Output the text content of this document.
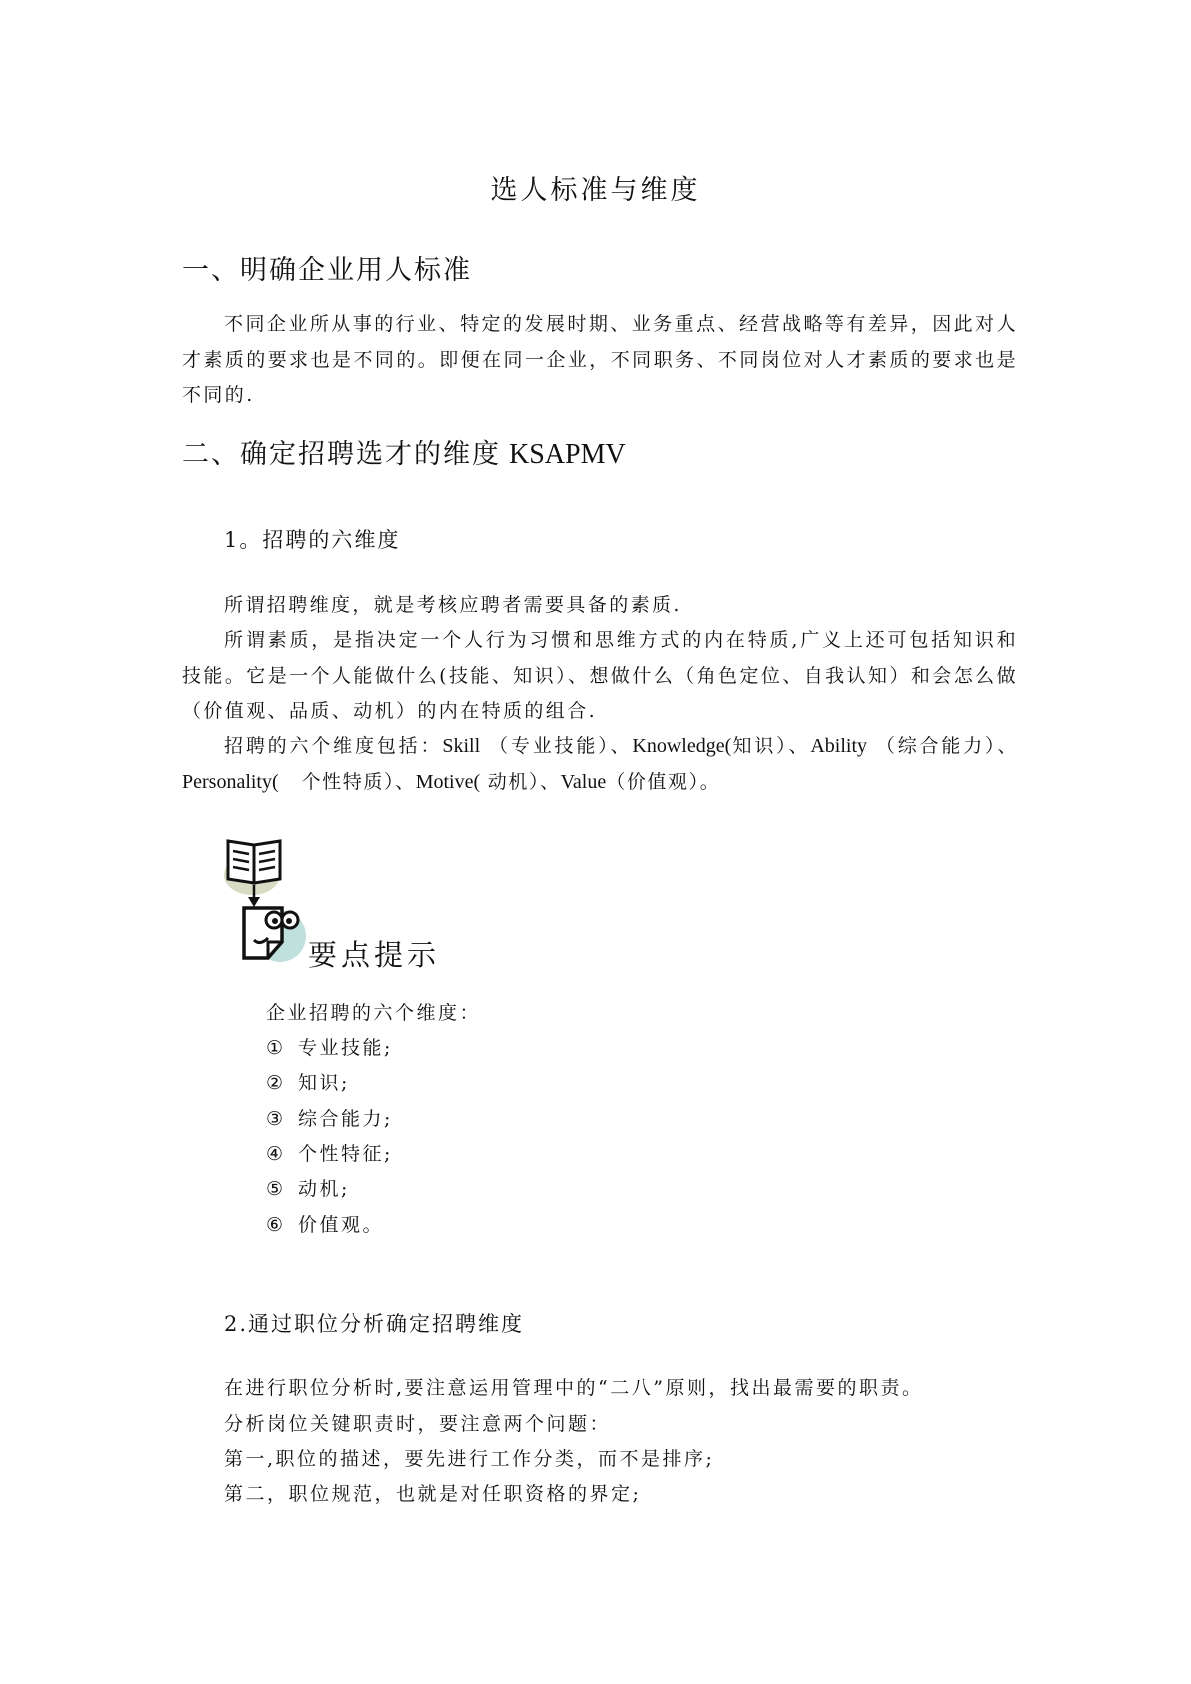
选人标准与维度
一、明确企业用人标准
不同企业所从事的行业、特定的发展时期、业务重点、经营战略等有差异，因此对人才素质的要求也是不同的。即便在同一企业，不同职务、不同岗位对人才素质的要求也是不同的.
二、确定招聘选才的维度 KSAPMV
1。招聘的六维度
所谓招聘维度，就是考核应聘者需要具备的素质.
所谓素质，是指决定一个人行为习惯和思维方式的内在特质,广义上还可包括知识和技能。它是一个人能做什么(技能、知识）、想做什么（角色定位、自我认知）和会怎么做（价值观、品质、动机）的内在特质的组合.
招聘的六个维度包括：Skill （专业技能）、Knowledge(知识）、Ability （综合能力）、Personality(   个性特质）、Motive( 动机）、Value（价值观）。
要点提示
企业招聘的六个维度：
① 专业技能;
② 知识;
③ 综合能力;
④ 个性特征;
⑤ 动机;
⑥ 价值观。
2.通过职位分析确定招聘维度
在进行职位分析时,要注意运用管理中的“二八”原则，找出最需要的职责。
分析岗位关键职责时，要注意两个问题：
第一,职位的描述，要先进行工作分类，而不是排序;
第二，职位规范，也就是对任职资格的界定;
